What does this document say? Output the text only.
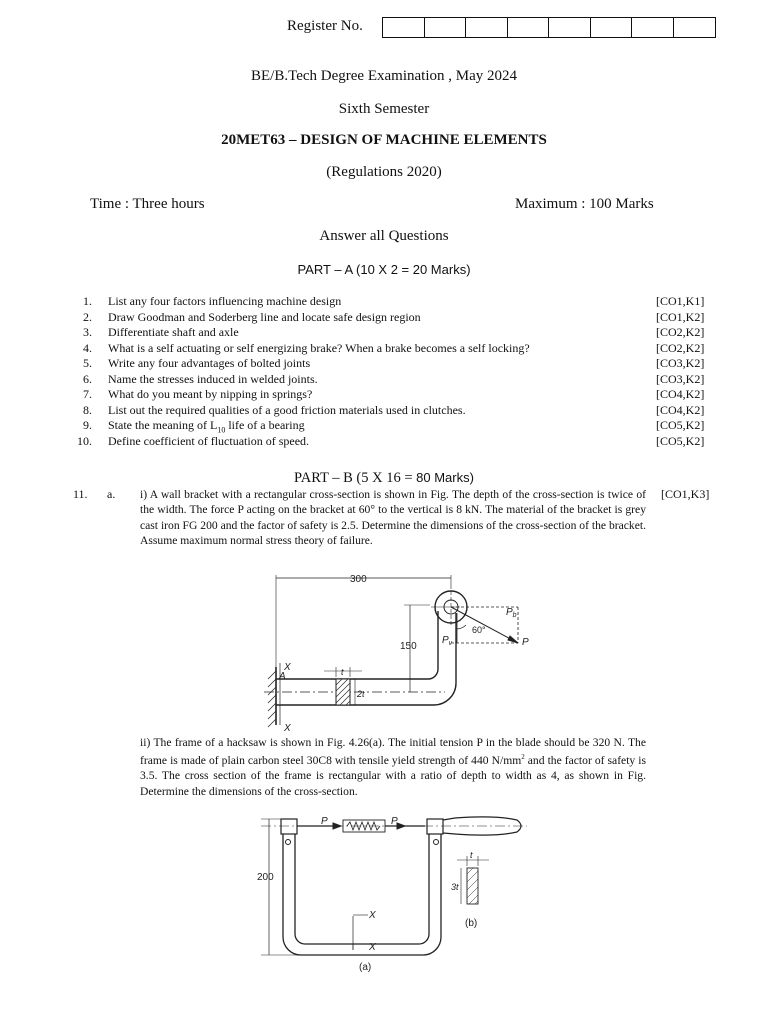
Register No.
BE/B.Tech Degree Examination , May 2024
Sixth Semester
20MET63 – DESIGN OF MACHINE ELEMENTS
(Regulations 2020)
Time : Three hours	Maximum : 100 Marks
Answer all Questions
PART – A (10 X 2 = 20 Marks)
1. List any four factors influencing machine design	[CO1,K1]
2. Draw Goodman and Soderberg line and locate safe design region	[CO1,K2]
3. Differentiate shaft and axle	[CO2,K2]
4. What is a self actuating or self energizing brake? When a brake becomes a self locking?	[CO2,K2]
5. Write any four advantages of bolted joints	[CO3,K2]
6. Name the stresses induced in welded joints.	[CO3,K2]
7. What do you meant by nipping in springs?	[CO4,K2]
8. List out the required qualities of a good friction materials used in clutches.	[CO4,K2]
9. State the meaning of $L_{10}$ life of a bearing	[CO5,K2]
10. Define coefficient of fluctuation of speed.	[CO5,K2]
PART – B (5 X 16 = 80 Marks)
11. a.	[CO1,K3]
i) A wall bracket with a rectangular cross-section is shown in Fig. The depth of the cross-section is twice of the width. The force P acting on the bracket at 60° to the vertical is 8 kN. The material of the bracket is grey cast iron FG 200 and the factor of safety is 2.5. Determine the dimensions of the cross-section of the bracket. Assume maximum normal stress theory of failure.
300
150
60°
$P_b$
P
$P_v$
A
X
X
t
2t
ii) The frame of a hacksaw is shown in Fig. 4.26(a). The initial tension P in the blade should be 320 N. The frame is made of plain carbon steel 30C8 with tensile yield strength of 440 $N/mm^2$ and the factor of safety is 3.5. The cross section of the frame is rectangular with a ratio of depth to width as 4, as shown in Fig. Determine the dimensions of the cross-section.
200
P	P
X
X
t
3t
(b)
(a)
